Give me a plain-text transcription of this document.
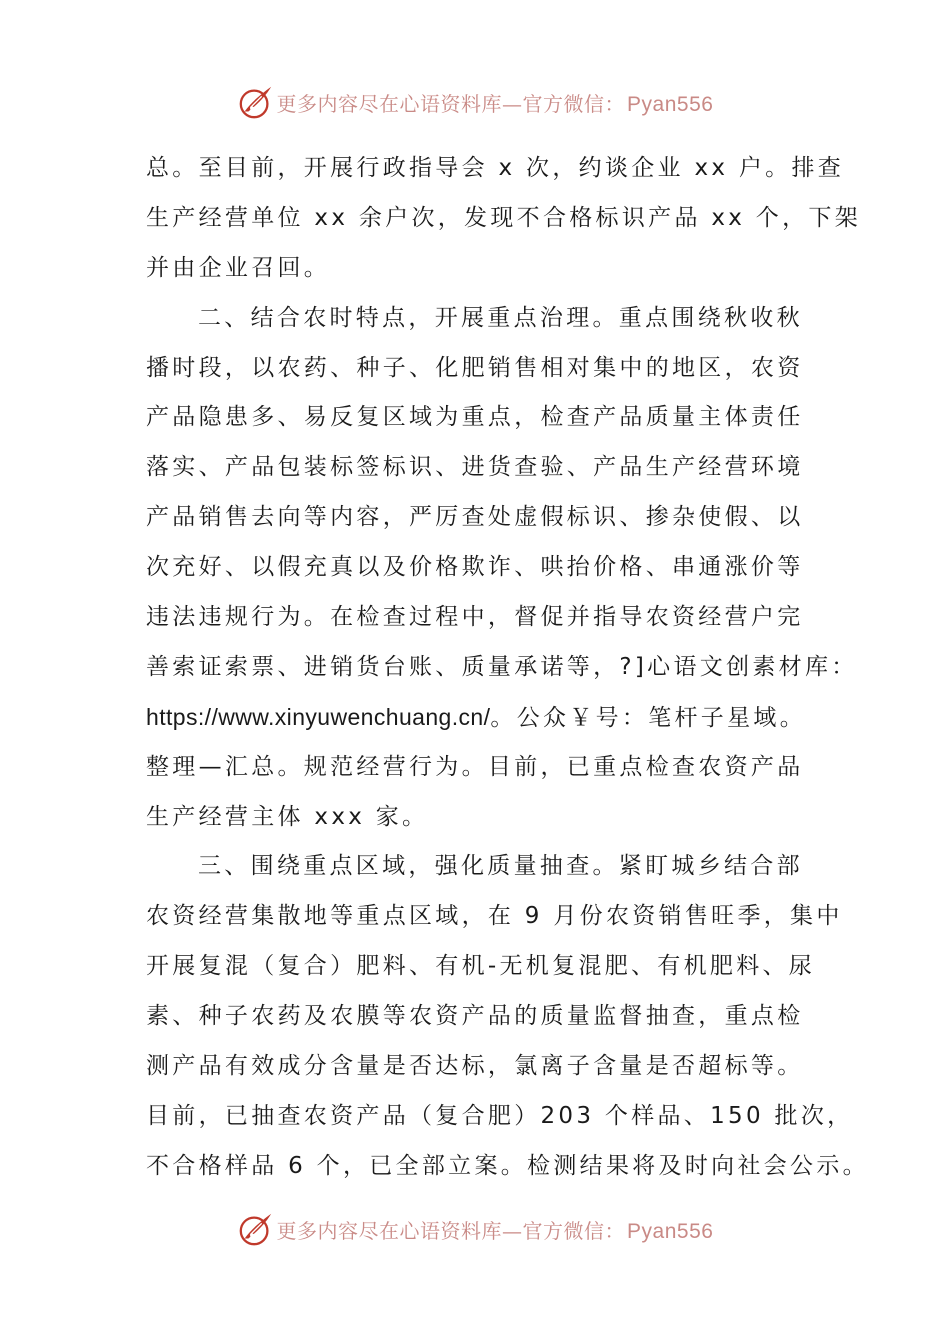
更多内容尽在心语资料库—官方微信：Pyan556
总。至目前，开展行政指导会 x 次，约谈企业 xx 户。排查
生产经营单位 xx 余户次，发现不合格标识产品 xx 个，下架
并由企业召回。
二、结合农时特点，开展重点治理。重点围绕秋收秋
播时段，以农药、种子、化肥销售相对集中的地区，农资
产品隐患多、易反复区域为重点，检查产品质量主体责任
落实、产品包装标签标识、进货查验、产品生产经营环境
产品销售去向等内容，严厉查处虚假标识、掺杂使假、以
次充好、以假充真以及价格欺诈、哄抬价格、串通涨价等
违法违规行为。在检查过程中，督促并指导农资经营户完
善索证索票、进销货台账、质量承诺等，?]心语文创素材库：
https://www.xinyuwenchuang.cn/。公众￥号：笔杆子星域。
整理—汇总。规范经营行为。目前，已重点检查农资产品
生产经营主体 xxx 家。
三、围绕重点区域，强化质量抽查。紧盯城乡结合部
农资经营集散地等重点区域，在 9 月份农资销售旺季，集中
开展复混（复合）肥料、有机-无机复混肥、有机肥料、尿
素、种子农药及农膜等农资产品的质量监督抽查，重点检
测产品有效成分含量是否达标，氯离子含量是否超标等。
目前，已抽查农资产品（复合肥）203 个样品、150 批次，
不合格样品 6 个，已全部立案。检测结果将及时向社会公示。
更多内容尽在心语资料库—官方微信：Pyan556
